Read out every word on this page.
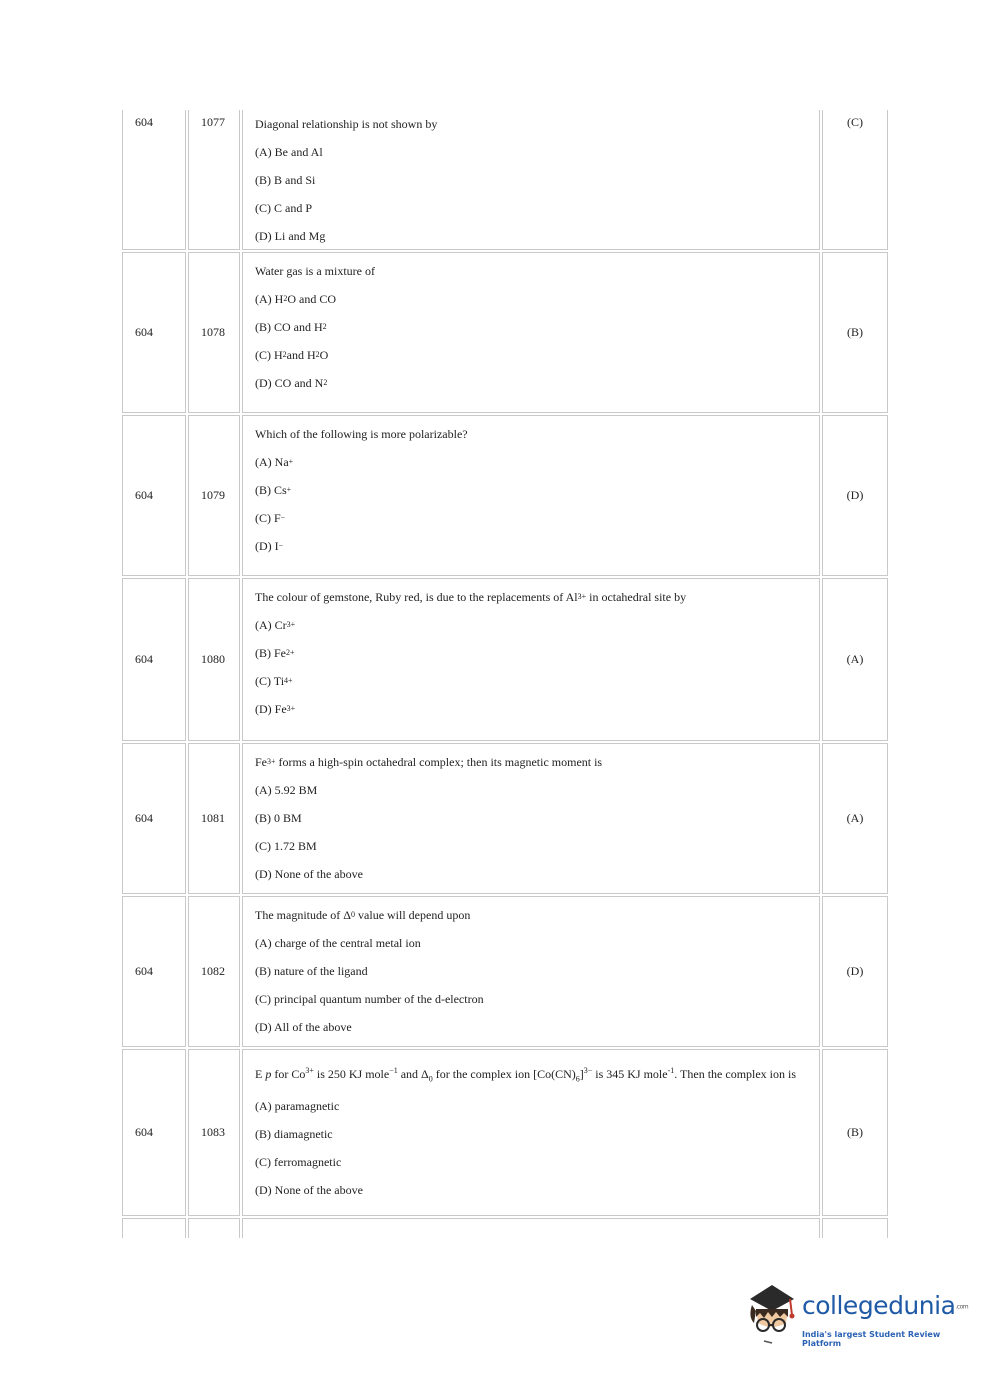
604	1077	Diagonal relationship is not shown by
(A) Be and Al
(B) B and Si
(C) C and P
(D) Li and Mg
(C)
604	1078
Water gas is a mixture of
(A) H 2 O and CO
(B) CO and H 2
(C) H 2 and H 2 O
(D) CO and N 2
(B)
604	1079
Which of the following is more polarizable?
(A) Na +
(B) Cs +
(C) F −
(D) I −
(D)
604	1080
The colour of gemstone, Ruby red, is due to the replacements of Al 3+ in octahedral site by
(A) Cr 3+
(B) Fe 2+
(C) Ti 4+
(D) Fe 3+
(A)
604	1081
Fe 3+ forms a high-spin octahedral complex; then its magnetic moment is
(A) 5.92 BM
(B) 0 BM
(C) 1.72 BM
(D) None of the above
(A)
604	1082
The magnitude of Δ 0 value will depend upon
(A) charge of the central metal ion
(B) nature of the ligand
(C) principal quantum number of the d-electron
(D) All of the above
(D)
604	1083
E p for $Co^{3+}$ is 250 KJ mole$^{-1}$ and $\Delta_0$ for the complex ion $[Co(CN)_6]^{3-}$ is 345 KJ mole$^{-1}$. Then the complex ion is
(A) paramagnetic
(B) diamagnetic
(C) ferromagnetic
(D) None of the above
(B)
collegedunia.com
India's largest Student Review Platform
